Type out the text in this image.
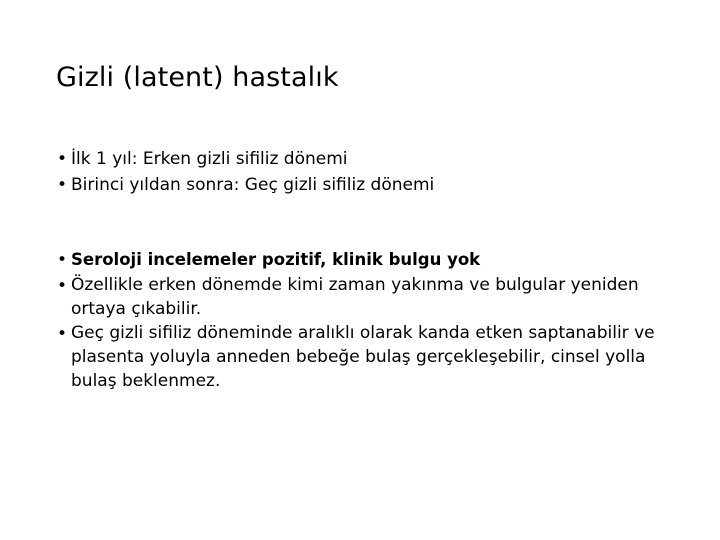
Gizli (latent) hastalık
• İlk 1 yıl: Erken gizli sifiliz dönemi
• Birinci yıldan sonra: Geç gizli sifiliz dönemi
• Seroloji incelemeler pozitif, klinik bulgu yok
• Özellikle erken dönemde kimi zaman yakınma ve bulgular yeniden ortaya çıkabilir.
• Geç gizli sifiliz döneminde aralıklı olarak kanda etken saptanabilir ve plasenta yoluyla anneden bebeğe bulaş gerçekleşebilir, cinsel yolla bulaş beklenmez.
